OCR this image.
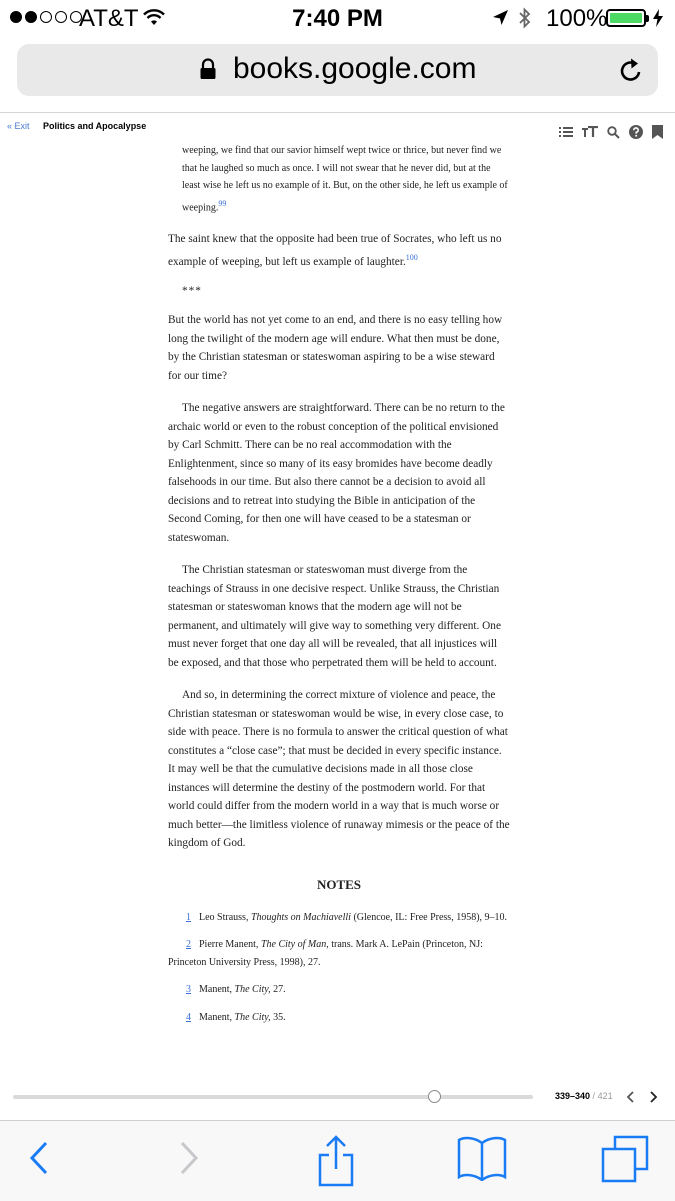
AT&T	7:40 PM	100%
books.google.com
« Exit Politics and Apocalypse

weeping, we find that our savior himself wept twice or thrice, but never find we that he laughed so much as once. I will not swear that he never did, but at the least wise he left us no example of it. But, on the other side, he left us example of weeping.$^{99}$

The saint knew that the opposite had been true of Socrates, who left us no example of weeping, but left us example of laughter.$^{100}$

***

But the world has not yet come to an end, and there is no easy telling how long the twilight of the modern age will endure. What then must be done, by the Christian statesman or stateswoman aspiring to be a wise steward for our time?

The negative answers are straightforward. There can be no return to the archaic world or even to the robust conception of the political envisioned by Carl Schmitt. There can be no real accommodation with the Enlightenment, since so many of its easy bromides have become deadly falsehoods in our time. But also there cannot be a decision to avoid all decisions and to retreat into studying the Bible in anticipation of the Second Coming, for then one will have ceased to be a statesman or stateswoman.

The Christian statesman or stateswoman must diverge from the teachings of Strauss in one decisive respect. Unlike Strauss, the Christian statesman or stateswoman knows that the modern age will not be permanent, and ultimately will give way to something very different. One must never forget that one day all will be revealed, that all injustices will be exposed, and that those who perpetrated them will be held to account.

And so, in determining the correct mixture of violence and peace, the Christian statesman or stateswoman would be wise, in every close case, to side with peace. There is no formula to answer the critical question of what constitutes a “close case”; that must be decided in every specific instance. It may well be that the cumulative decisions made in all those close instances will determine the destiny of the postmodern world. For that world could differ from the modern world in a way that is much worse or much better—the limitless violence of runaway mimesis or the peace of the kingdom of God.

NOTES
1 Leo Strauss, Thoughts on Machiavelli (Glencoe, IL: Free Press, 1958), 9–10.
2 Pierre Manent, The City of Man, trans. Mark A. LePain (Princeton, NJ: Princeton University Press, 1998), 27.
3 Manent, The City, 27.
4 Manent, The City, 35.
339–340 / 421
